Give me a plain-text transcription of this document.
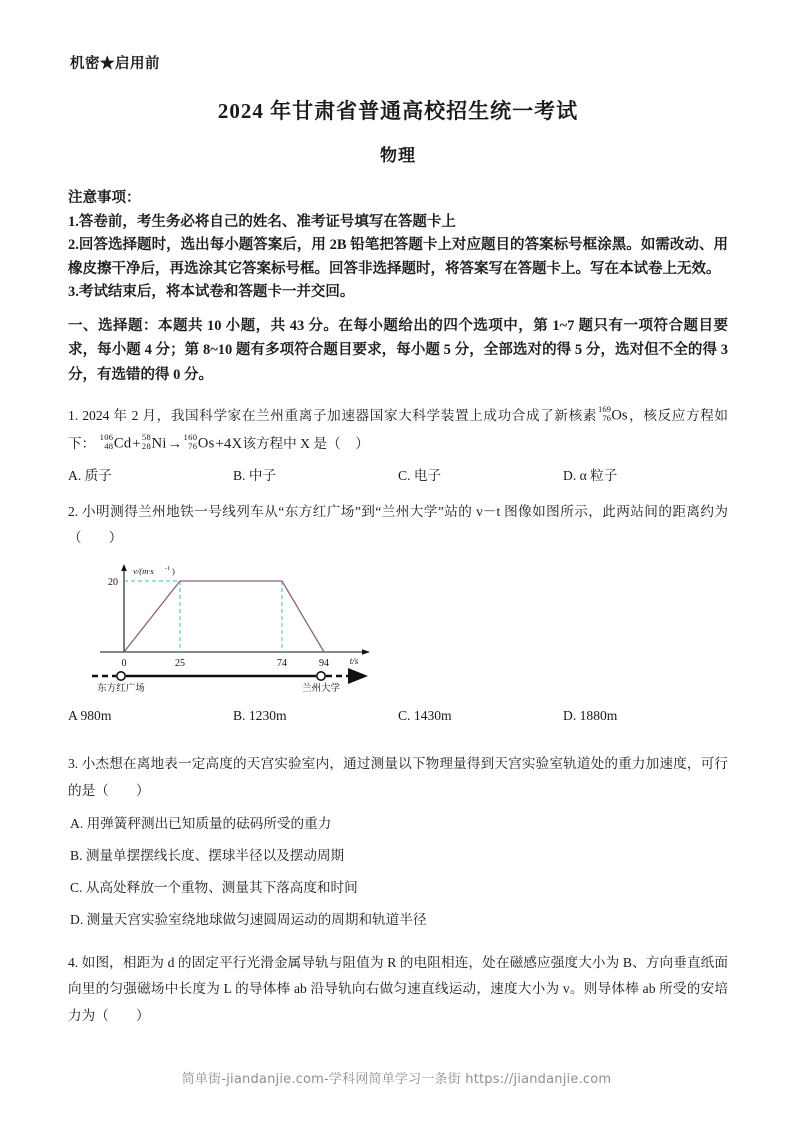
机密★启用前

2024 年甘肃省普通高校招生统一考试
物理

注意事项：

1.答卷前，考生务必将自己的姓名、准考证号填写在答题卡上

2.回答选择题时，选出每小题答案后，用 2B 铅笔把答题卡上对应题目的答案标号框涂黑。如需改动、用橡皮擦干净后，再选涂其它答案标号框。回答非选择题时，将答案写在答题卡上。写在本试卷上无效。

3.考试结束后，将本试卷和答题卡一并交回。

一、选择题：本题共 10 小题，共 43 分。在每小题给出的四个选项中，第 1~7 题只有一项符合题目要求，每小题 4 分；第 8~10 题有多项符合题目要求，每小题 5 分，全部选对的得 5 分，选对但不全的得 3 分，有选错的得 0 分。

1. 2024 年 2 月，我国科学家在兰州重离子加速器国家大科学装置上成功合成了新核素 169
76 Os，核反应方程如下： 106
48 Cd+ 58
28 Ni→ 160
76 Os+4X该方程中 X 是（ ）

A. 质子	B. 中子	C. 电子	D. α 粒子

2. 小明测得兰州地铁一号线列车从“东方红广场”到“兰州大学”站的 v－t 图像如图所示，此两站间的距离约为（　　）

20
v/(m·s -1 )
0	25	74	94 t/s
东方红广场	兰州大学
A 980m	B. 1230m	C. 1430m	D. 1880m

3. 小杰想在离地表一定高度的天宫实验室内，通过测量以下物理量得到天宫实验室轨道处的重力加速度，可行的是（　　）

A. 用弹簧秤测出已知质量的砝码所受的重力

B. 测量单摆摆线长度、摆球半径以及摆动周期

C. 从高处释放一个重物、测量其下落高度和时间

D. 测量天宫实验室绕地球做匀速圆周运动的周期和轨道半径

4. 如图，相距为 d 的固定平行光滑金属导轨与阻值为 R 的电阻相连，处在磁感应强度大小为 B、方向垂直纸面向里的匀强磁场中长度为 L 的导体棒 ab 沿导轨向右做匀速直线运动，速度大小为 v。则导体棒 ab 所受的安培力为（　　）

简单街-jiandanjie.com-学科网简单学习一条街 https://jiandanjie.com
